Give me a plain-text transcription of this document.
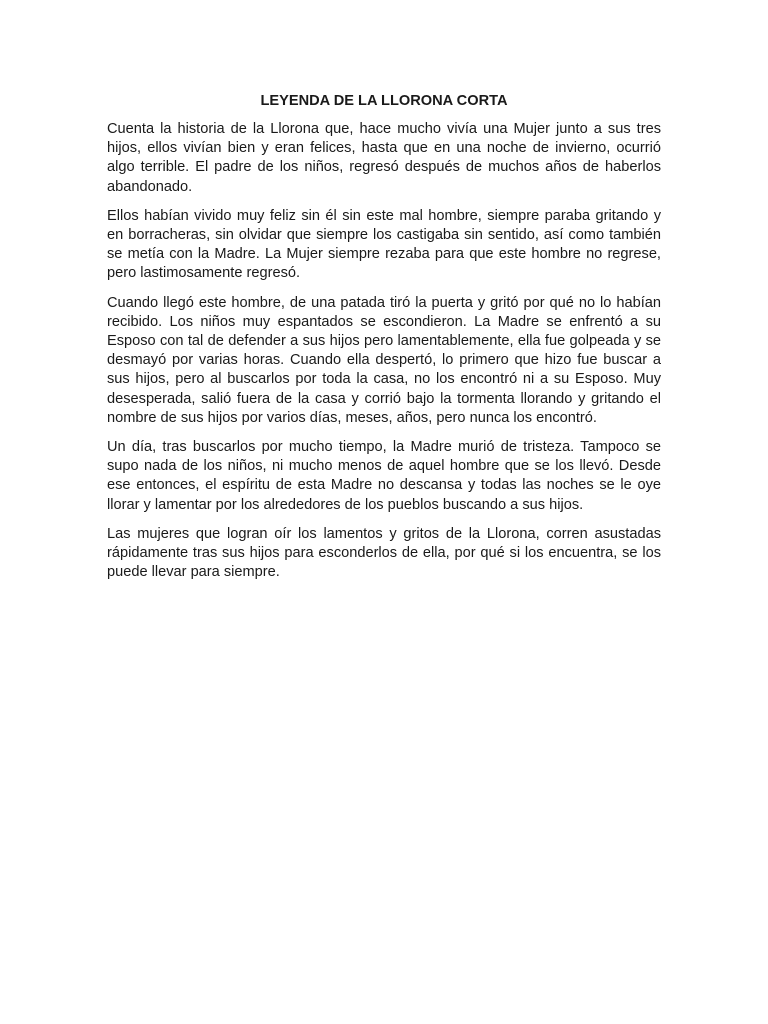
LEYENDA DE LA LLORONA CORTA

Cuenta la historia de la Llorona que, hace mucho vivía una Mujer junto a sus tres hijos, ellos vivían bien y eran felices, hasta que en una noche de invierno, ocurrió algo terrible. El padre de los niños, regresó después de muchos años de haberlos abandonado.

Ellos habían vivido muy feliz sin él sin este mal hombre, siempre paraba gritando y en borracheras, sin olvidar que siempre los castigaba sin sentido, así como también se metía con la Madre. La Mujer siempre rezaba para que este hombre no regrese, pero lastimosamente regresó.

Cuando llegó este hombre, de una patada tiró la puerta y gritó por qué no lo habían recibido. Los niños muy espantados se escondieron. La Madre se enfrentó a su Esposo con tal de defender a sus hijos pero lamentablemente, ella fue golpeada y se desmayó por varias horas. Cuando ella despertó, lo primero que hizo fue buscar a sus hijos, pero al buscarlos por toda la casa, no los encontró ni a su Esposo. Muy desesperada, salió fuera de la casa y corrió bajo la tormenta llorando y gritando el nombre de sus hijos por varios días, meses, años, pero nunca los encontró.

Un día, tras buscarlos por mucho tiempo, la Madre murió de tristeza. Tampoco se supo nada de los niños, ni mucho menos de aquel hombre que se los llevó. Desde ese entonces, el espíritu de esta Madre no descansa y todas las noches se le oye llorar y lamentar por los alrededores de los pueblos buscando a sus hijos.

Las mujeres que logran oír los lamentos y gritos de la Llorona, corren asustadas rápidamente tras sus hijos para esconderlos de ella, por qué si los encuentra, se los puede llevar para siempre.
